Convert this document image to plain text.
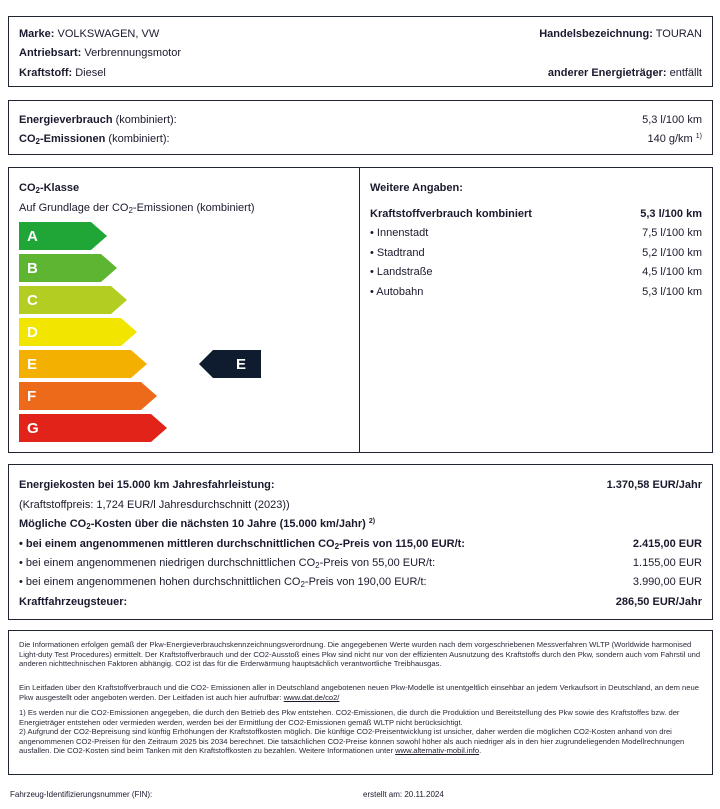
Marke: VOLKSWAGEN, VW
Antriebsart: Verbrennungsmotor
Kraftstoff: Diesel
Handelsbezeichnung: TOURAN
anderer Energieträger: entfällt
Energieverbrauch (kombiniert):	5,3 l/100 km
$CO_2$-Emissionen (kombiniert):	140 g/km $^{1)}$
$CO_2$-Klasse
Auf Grundlage der $CO_2$-Emissionen (kombiniert)
A
B
C
D
E
F
G
E
Weitere Angaben:
Kraftstoffverbrauch kombiniert	5,3 l/100 km
• Innenstadt	7,5 l/100 km
• Stadtrand	5,2 l/100 km
• Landstraße	4,5 l/100 km
• Autobahn	5,3 l/100 km
Energiekosten bei 15.000 km Jahresfahrleistung:	1.370,58 EUR/Jahr
(Kraftstoffpreis: 1,724 EUR/l Jahresdurchschnitt (2023))
Mögliche $CO_2$-Kosten über die nächsten 10 Jahre (15.000 km/Jahr) $^{2)}$
• bei einem angenommenen mittleren durchschnittlichen $CO_2$-Preis von 115,00 EUR/t:	2.415,00 EUR
• bei einem angenommenen niedrigen durchschnittlichen $CO_2$-Preis von 55,00 EUR/t:	1.155,00 EUR
• bei einem angenommenen hohen durchschnittlichen $CO_2$-Preis von 190,00 EUR/t:	3.990,00 EUR
Kraftfahrzeugsteuer:	286,50 EUR/Jahr
Die Informationen erfolgen gemäß der Pkw-Energieverbrauchskennzeichnungsverordnung. Die angegebenen Werte wurden nach dem vorgeschriebenen Messverfahren WLTP (Worldwide harmonised Light-duty Test Procedures) ermittelt. Der Kraftstoffverbrauch und der CO2-Ausstoß eines Pkw sind nicht nur von der effizienten Ausnutzung des Kraftstoffs durch den Pkw, sondern auch vom Fahrstil und anderen nichttechnischen Faktoren abhängig. CO2 ist das für die Erderwärmung hauptsächlich verantwortliche Treibhausgas.
Ein Leitfaden über den Kraftstoffverbrauch und die CO2- Emissionen aller in Deutschland angebotenen neuen Pkw-Modelle ist unentgeltlich einsehbar an jedem Verkaufsort in Deutschland, an dem neue Pkw ausgestellt oder angeboten werden. Der Leitfaden ist auch hier aufrufbar: www.dat.de/co2/
1) Es werden nur die CO2-Emissionen angegeben, die durch den Betrieb des Pkw entstehen. CO2-Emissionen, die durch die Produktion und Bereitstellung des Pkw sowie des Kraftstoffes bzw. der Energieträger entstehen oder vermieden werden, werden bei der Ermittlung der CO2-Emissionen gemäß WLTP nicht berücksichtigt.
2) Aufgrund der CO2-Bepreisung sind künftig Erhöhungen der Kraftstoffkosten möglich. Die künftige CO2-Preisentwicklung ist unsicher, daher werden die möglichen CO2-Kosten anhand von drei angenommenen CO2-Preisen für den Zeitraum 2025 bis 2034 berechnet. Die tatsächlichen CO2-Preise können sowohl höher als auch niedriger als in den hier zugrundeliegenden Modellrechnungen ausfallen. Die CO2-Kosten sind beim Tanken mit den Kraftstoffkosten zu bezahlen. Weitere Informationen unter www.alternativ-mobil.info.
Fahrzeug-Identifizierungsnummer (FIN):	erstellt am: 20.11.2024
